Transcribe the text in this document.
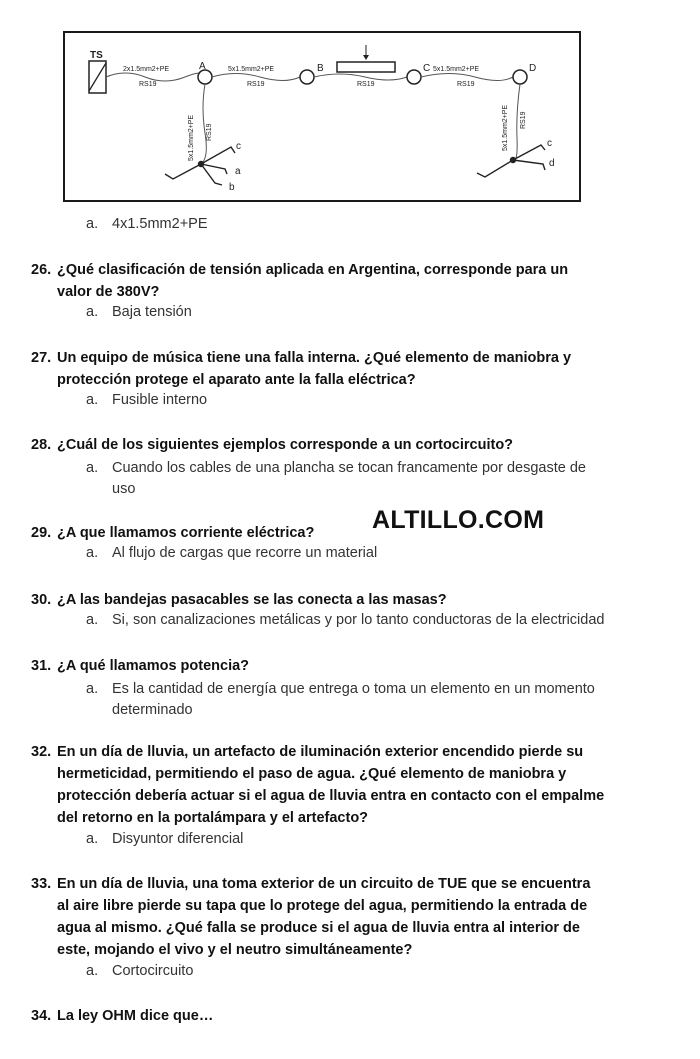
TS
2x1.5mm2+PE
RS19
A	5x1.5mm2+PE
RS19
B
RS19
C 5x1.5mm2+PE
RS19
D
5x1.5mm2+PE RS19
c
a
b
5x1.5mm2+PE RS19
c
d
a. 4x1.5mm2+PE
26. ¿Qué clasificación de tensión aplicada en Argentina, corresponde para un
valor de 380V?
a. Baja tensión
27. Un equipo de música tiene una falla interna. ¿Qué elemento de maniobra y
protección protege el aparato ante la falla eléctrica?
a. Fusible interno
28. ¿Cuál de los siguientes ejemplos corresponde a un cortocircuito?
a. Cuando los cables de una plancha se tocan francamente por desgaste de
uso
29. ¿A que llamamos corriente eléctrica? ALTILLO.COM
a. Al flujo de cargas que recorre un material
30. ¿A las bandejas pasacables se las conecta a las masas?
a. Si, son canalizaciones metálicas y por lo tanto conductoras de la electricidad
31. ¿A qué llamamos potencia?
a. Es la cantidad de energía que entrega o toma un elemento en un momento
determinado
32. En un día de lluvia, un artefacto de iluminación exterior encendido pierde su
hermeticidad, permitiendo el paso de agua. ¿Qué elemento de maniobra y
protección debería actuar si el agua de lluvia entra en contacto con el empalme
del retorno en la portalámpara y el artefacto?
a. Disyuntor diferencial
33. En un día de lluvia, una toma exterior de un circuito de TUE que se encuentra
al aire libre pierde su tapa que lo protege del agua, permitiendo la entrada de
agua al mismo. ¿Qué falla se produce si el agua de lluvia entra al interior de
este, mojando el vivo y el neutro simultáneamente?
a. Cortocircuito
34. La ley OHM dice que…
